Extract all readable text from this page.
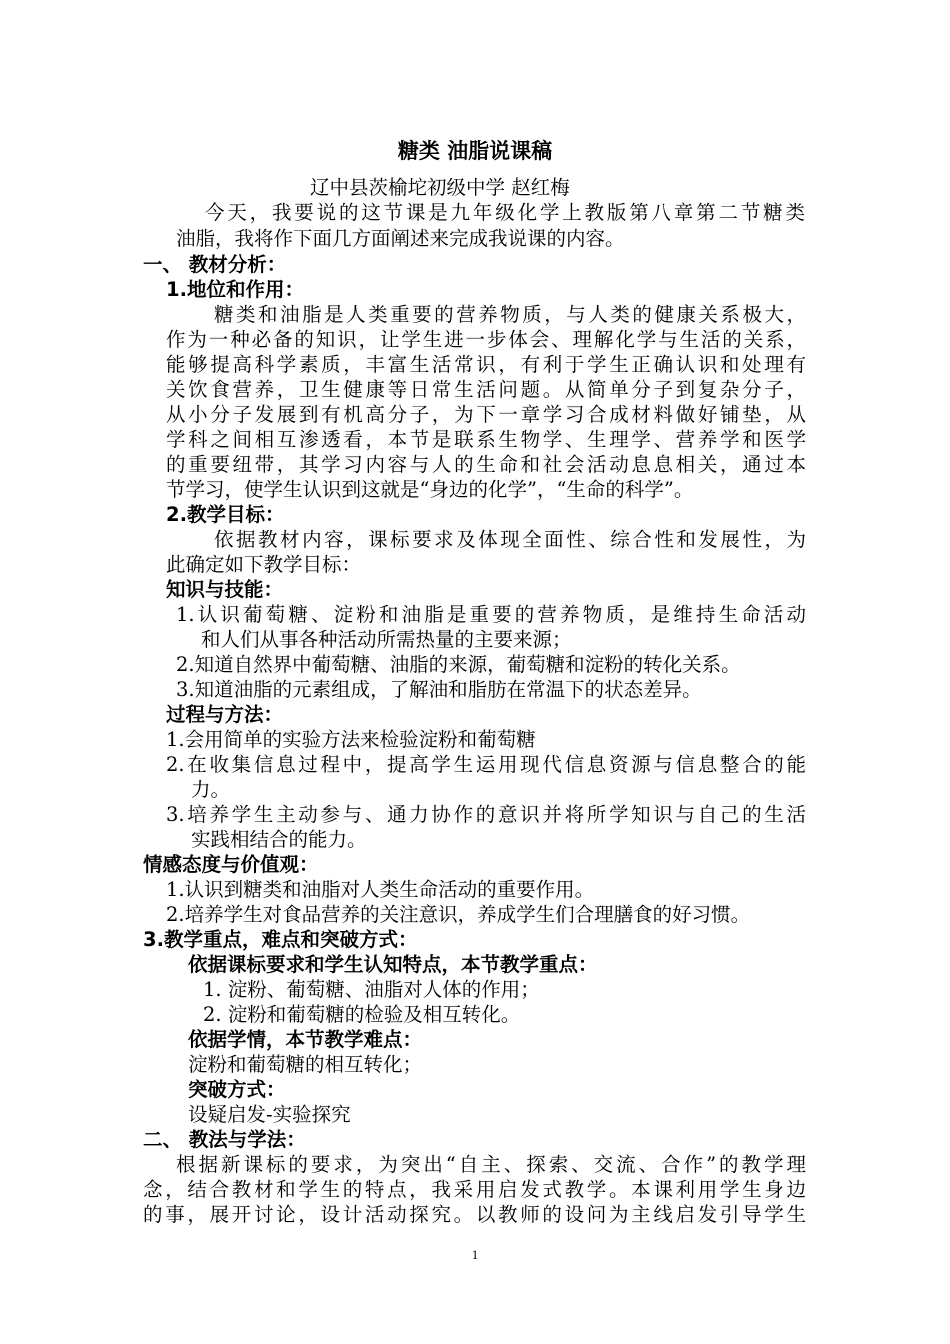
糖类 油脂说课稿
辽中县茨榆坨初级中学 赵红梅
今天，我要说的这节课是九年级化学上教版第八章第二节糖类
油脂，我将作下面几方面阐述来完成我说课的内容。
一、 教材分析：
1.地位和作用：
糖类和油脂是人类重要的营养物质，与人类的健康关系极大，
作为一种必备的知识，让学生进一步体会、理解化学与生活的关系，
能够提高科学素质，丰富生活常识，有利于学生正确认识和处理有
关饮食营养，卫生健康等日常生活问题。从简单分子到复杂分子，
从小分子发展到有机高分子，为下一章学习合成材料做好铺垫，从
学科之间相互渗透看，本节是联系生物学、生理学、营养学和医学
的重要纽带，其学习内容与人的生命和社会活动息息相关，通过本
节学习，使学生认识到这就是“身边的化学”，“生命的科学”。
2.教学目标：
依据教材内容，课标要求及体现全面性、综合性和发展性，为
此确定如下教学目标：
知识与技能：
1.认识葡萄糖、淀粉和油脂是重要的营养物质，是维持生命活动
和人们从事各种活动所需热量的主要来源；
2.知道自然界中葡萄糖、油脂的来源，葡萄糖和淀粉的转化关系。
3.知道油脂的元素组成，了解油和脂肪在常温下的状态差异。
过程与方法：
1.会用简单的实验方法来检验淀粉和葡萄糖
2.在收集信息过程中，提高学生运用现代信息资源与信息整合的能
力。
3.培养学生主动参与、通力协作的意识并将所学知识与自己的生活
实践相结合的能力。
情感态度与价值观：
1.认识到糖类和油脂对人类生命活动的重要作用。
2.培养学生对食品营养的关注意识，养成学生们合理膳食的好习惯。
3.教学重点，难点和突破方式：
依据课标要求和学生认知特点，本节教学重点：
1. 淀粉、葡萄糖、油脂对人体的作用；
2. 淀粉和葡萄糖的检验及相互转化。
依据学情，本节教学难点：
淀粉和葡萄糖的相互转化；
突破方式：
设疑启发-实验探究
二、 教法与学法：
根据新课标的要求，为突出“自主、探索、交流、合作”的教学理
念，结合教材和学生的特点，我采用启发式教学。本课利用学生身边
的事，展开讨论，设计活动探究。以教师的设问为主线启发引导学生
1
